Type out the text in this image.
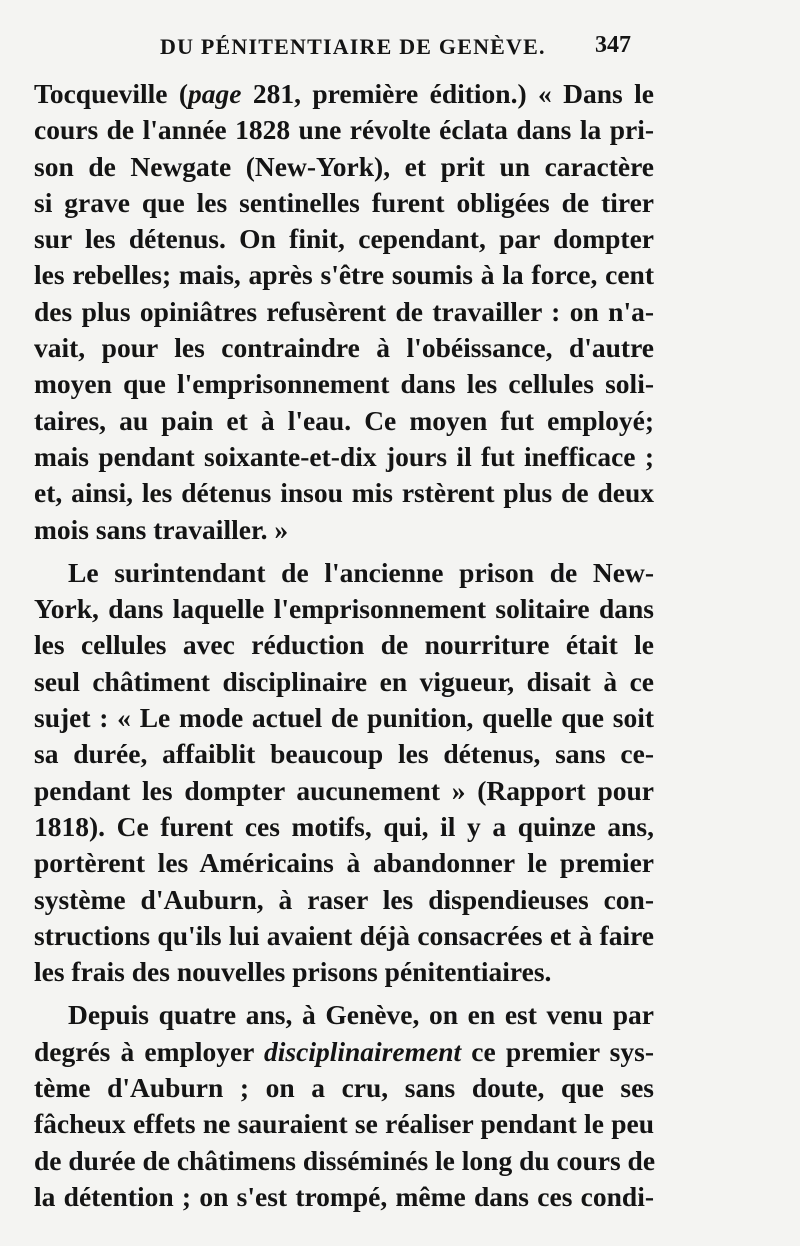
DU PÉNITENTIAIRE DE GENÈVE. 347
Tocqueville (page 281, première édition.) « Dans le
cours de l'année 1828 une révolte éclata dans la pri-
son de Newgate (New-York), et prit un caractère
si grave que les sentinelles furent obligées de tirer
sur les détenus. On finit, cependant, par dompter
les rebelles; mais, après s'être soumis à la force, cent
des plus opiniâtres refusèrent de travailler : on n'a-
vait, pour les contraindre à l'obéissance, d'autre
moyen que l'emprisonnement dans les cellules soli-
taires, au pain et à l'eau. Ce moyen fut employé;
mais pendant soixante-et-dix jours il fut inefficace ;
et, ainsi, les détenus insou mis rstèrent plus de deux
mois sans travailler. »
Le surintendant de l'ancienne prison de New-
York, dans laquelle l'emprisonnement solitaire dans
les cellules avec réduction de nourriture était le
seul châtiment disciplinaire en vigueur, disait à ce
sujet : « Le mode actuel de punition, quelle que soit
sa durée, affaiblit beaucoup les détenus, sans ce-
pendant les dompter aucunement » (Rapport pour
1818). Ce furent ces motifs, qui, il y a quinze ans,
portèrent les Américains à abandonner le premier
système d'Auburn, à raser les dispendieuses con-
structions qu'ils lui avaient déjà consacrées et à faire
les frais des nouvelles prisons pénitentiaires.
Depuis quatre ans, à Genève, on en est venu par
degrés à employer disciplinairement ce premier sys-
tème d'Auburn ; on a cru, sans doute, que ses
fâcheux effets ne sauraient se réaliser pendant le peu
de durée de châtimens disséminés le long du cours de
la détention ; on s'est trompé, même dans ces condi-
